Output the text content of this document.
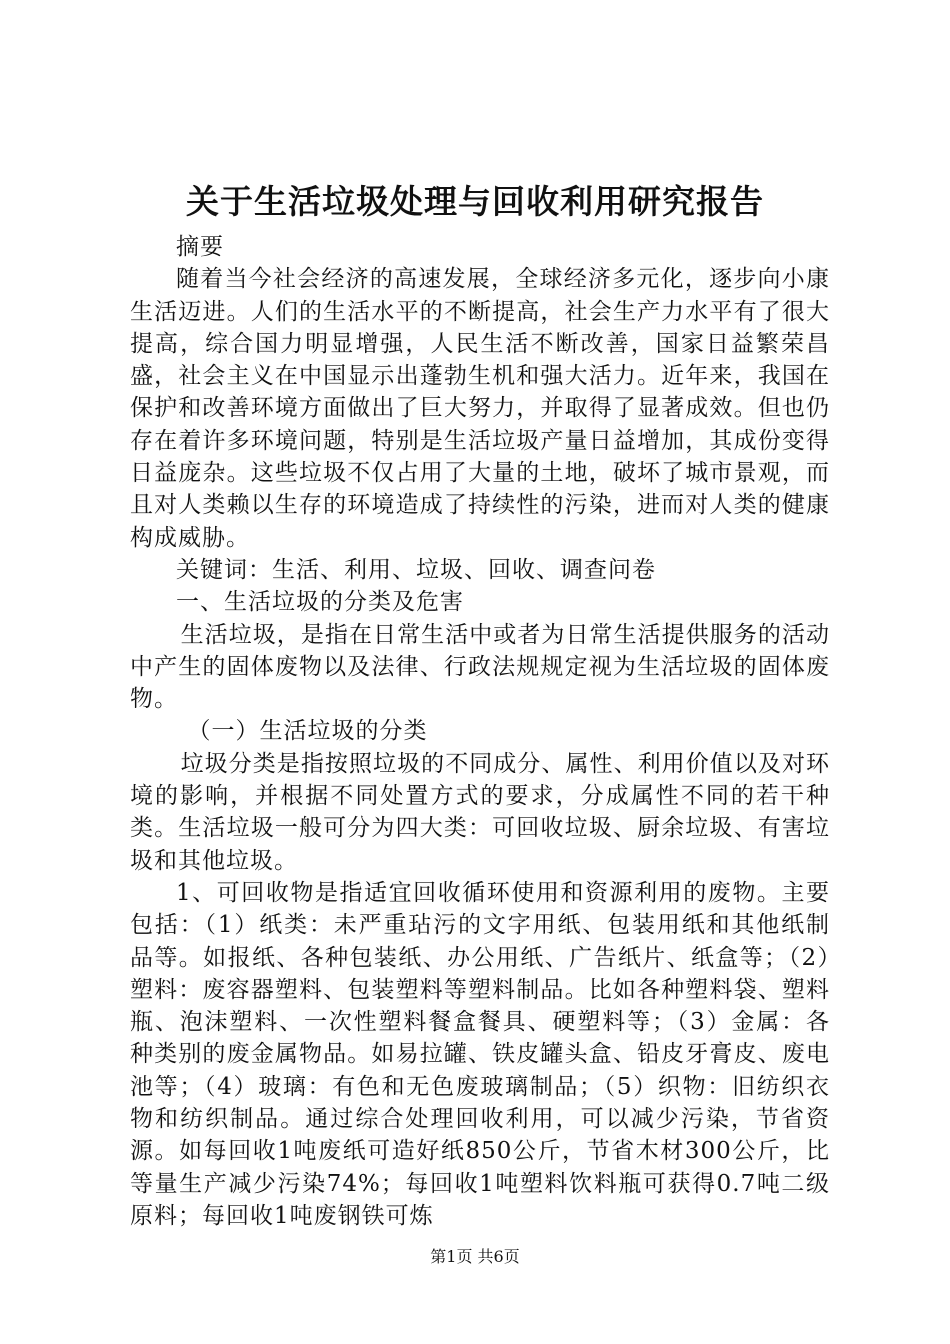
关于生活垃圾处理与回收利用研究报告

摘要

随着当今社会经济的高速发展，全球经济多元化，逐步向小康生活迈进。人们的生活水平的不断提高，社会生产力水平有了很大提高，综合国力明显增强，人民生活不断改善，国家日益繁荣昌盛，社会主义在中国显示出蓬勃生机和强大活力。近年来，我国在保护和改善环境方面做出了巨大努力，并取得了显著成效。但也仍存在着许多环境问题，特别是生活垃圾产量日益增加，其成份变得日益庞杂。这些垃圾不仅占用了大量的土地，破坏了城市景观，而且对人类赖以生存的环境造成了持续性的污染，进而对人类的健康构成威胁。

关键词：生活、利用、垃圾、回收、调查问卷

一、生活垃圾的分类及危害

生活垃圾，是指在日常生活中或者为日常生活提供服务的活动中产生的固体废物以及法律、行政法规规定视为生活垃圾的固体废物。

（一）生活垃圾的分类

垃圾分类是指按照垃圾的不同成分、属性、利用价值以及对环境的影响，并根据不同处置方式的要求，分成属性不同的若干种类。生活垃圾一般可分为四大类：可回收垃圾、厨余垃圾、有害垃圾和其他垃圾。

1、可回收物是指适宜回收循环使用和资源利用的废物。主要包括：（1）纸类：未严重玷污的文字用纸、包装用纸和其他纸制品等。如报纸、各种包装纸、办公用纸、广告纸片、纸盒等；（2）塑料：废容器塑料、包装塑料等塑料制品。比如各种塑料袋、塑料瓶、泡沫塑料、一次性塑料餐盒餐具、硬塑料等；（3）金属：各种类别的废金属物品。如易拉罐、铁皮罐头盒、铅皮牙膏皮、废电池等；（4）玻璃：有色和无色废玻璃制品；（5）织物：旧纺织衣物和纺织制品。通过综合处理回收利用，可以减少污染，节省资源。如每回收1吨废纸可造好纸850公斤，节省木材300公斤，比等量生产减少污染74%；每回收1吨塑料饮料瓶可获得0.7吨二级原料；每回收1吨废钢铁可炼

第1页 共6页
